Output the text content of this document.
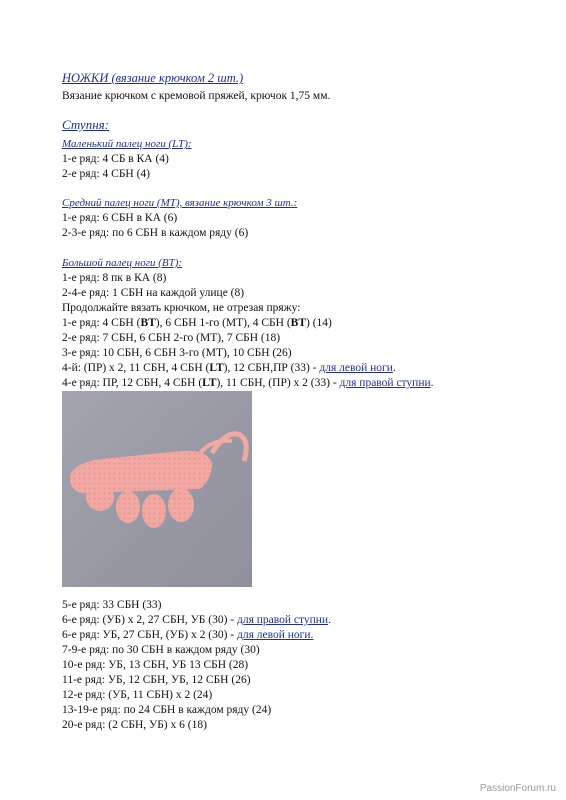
НОЖКИ (вязание крючком 2 шт.)
Вязание крючком с кремовой пряжей, крючок 1,75 мм.
Ступня:
Маленький палец ноги (LT):
1-е ряд: 4 СБ в КА (4)
2-е ряд: 4 СБН (4)
Средний палец ноги (MT), вязание крючком 3 шт.:
1-е ряд: 6 СБН в КА (6)
2-3-е ряд: по 6 СБН в каждом ряду (6)
Большой палец ноги (BT):
1-е ряд: 8 пк в КА (8)
2-4-е ряд: 1 СБН на каждой улице (8)
Продолжайте вязать крючком, не отрезая пряжу:
1-е ряд: 4 СБН (BT), 6 СБН 1-го (MT), 4 СБН (BT) (14)
2-е ряд: 7 СБН, 6 СБН 2-го (MT), 7 СБН (18)
3-е ряд: 10 СБН, 6 СБН 3-го (MT), 10 СБН (26)
4-й: (ПР) x 2, 11 СБН, 4 СБН (LT), 12 СБН,ПР (33) - для левой ноги.
4-е ряд: ПР, 12 СБН, 4 СБН (LT), 11 СБН, (ПР) x 2 (33) - для правой ступни.
5-е ряд: 33 СБН (33)
6-е ряд: (УБ) x 2, 27 СБН, УБ (30) - для правой ступни.
6-е ряд: УБ, 27 СБН, (УБ) x 2 (30) - для левой ноги.
7-9-е ряд: по 30 СБН в каждом ряду (30)
10-е ряд: УБ, 13 СБН, УБ 13 СБН (28)
11-е ряд: УБ, 12 СБН, УБ, 12 СБН (26)
12-е ряд: (УБ, 11 СБН) x 2 (24)
13-19-е ряд: по 24 СБН в каждом ряду (24)
20-е ряд: (2 СБН, УБ) x 6 (18)
PassionForum.ru
